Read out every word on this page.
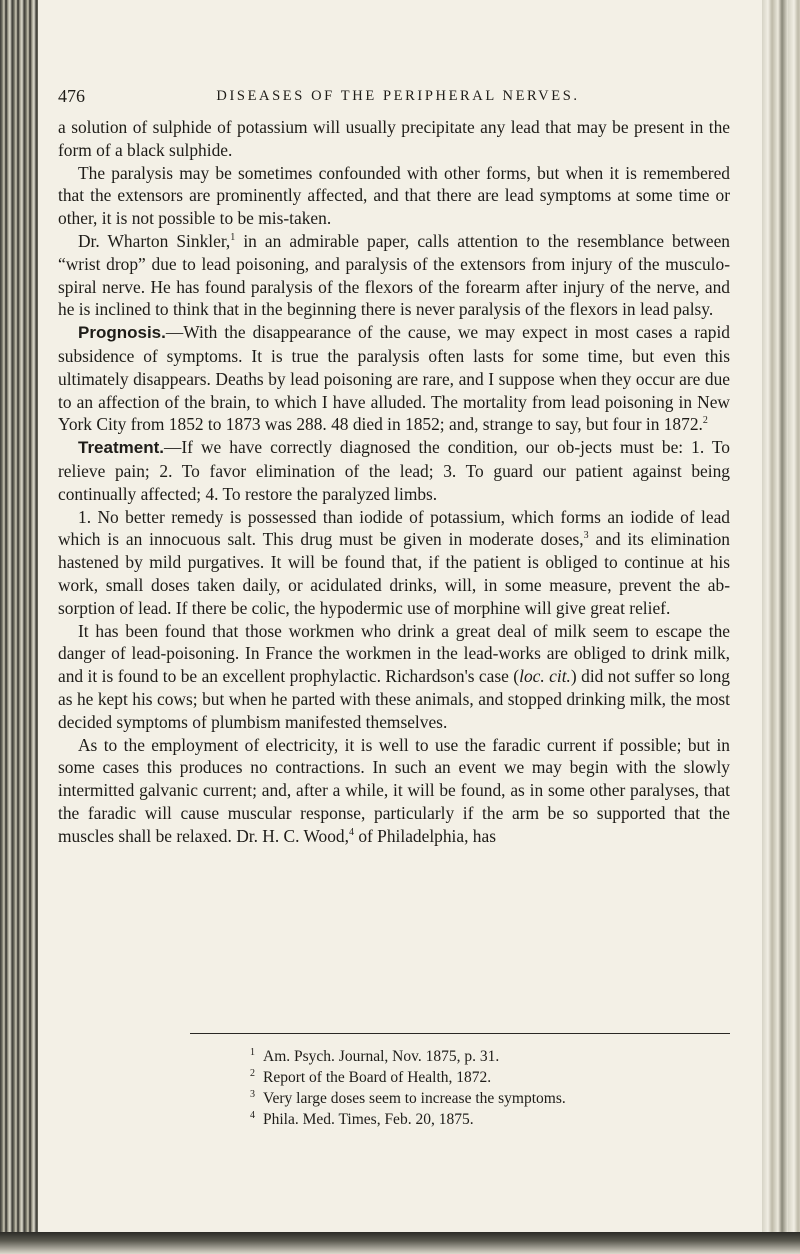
476	DISEASES OF THE PERIPHERAL NERVES.

a solution of sulphide of potassium will usually precipitate any lead that may be present in the form of a black sulphide.

The paralysis may be sometimes confounded with other forms, but when it is remembered that the extensors are prominently affected, and that there are lead symptoms at some time or other, it is not possible to be mis-taken.

Dr. Wharton Sinkler,$^1$ in an admirable paper, calls attention to the resemblance between “wrist drop” due to lead poisoning, and paralysis of the extensors from injury of the musculo-spiral nerve. He has found paralysis of the flexors of the forearm after injury of the nerve, and he is inclined to think that in the beginning there is never paralysis of the flexors in lead palsy.

Prognosis.—With the disappearance of the cause, we may expect in most cases a rapid subsidence of symptoms. It is true the paralysis often lasts for some time, but even this ultimately disappears. Deaths by lead poisoning are rare, and I suppose when they occur are due to an affection of the brain, to which I have alluded. The mortality from lead poisoning in New York City from 1852 to 1873 was 288. 48 died in 1852; and, strange to say, but four in 1872.$^2$

Treatment.—If we have correctly diagnosed the condition, our ob-jects must be: 1. To relieve pain; 2. To favor elimination of the lead; 3. To guard our patient against being continually affected; 4. To restore the paralyzed limbs.

1. No better remedy is possessed than iodide of potassium, which forms an iodide of lead which is an innocuous salt. This drug must be given in moderate doses,$^3$ and its elimination hastened by mild purgatives. It will be found that, if the patient is obliged to continue at his work, small doses taken daily, or acidulated drinks, will, in some measure, prevent the ab-sorption of lead. If there be colic, the hypodermic use of morphine will give great relief.

It has been found that those workmen who drink a great deal of milk seem to escape the danger of lead-poisoning. In France the workmen in the lead-works are obliged to drink milk, and it is found to be an excellent prophylactic. Richardson's case (loc. cit.) did not suffer so long as he kept his cows; but when he parted with these animals, and stopped drinking milk, the most decided symptoms of plumbism manifested themselves.

As to the employment of electricity, it is well to use the faradic current if possible; but in some cases this produces no contractions. In such an event we may begin with the slowly intermitted galvanic current; and, after a while, it will be found, as in some other paralyses, that the faradic will cause muscular response, particularly if the arm be so supported that the muscles shall be relaxed. Dr. H. C. Wood,$^4$ of Philadelphia, has

$^1$ Am. Psych. Journal, Nov. 1875, p. 31.
$^2$ Report of the Board of Health, 1872.
$^3$ Very large doses seem to increase the symptoms.
$^4$ Phila. Med. Times, Feb. 20, 1875.
